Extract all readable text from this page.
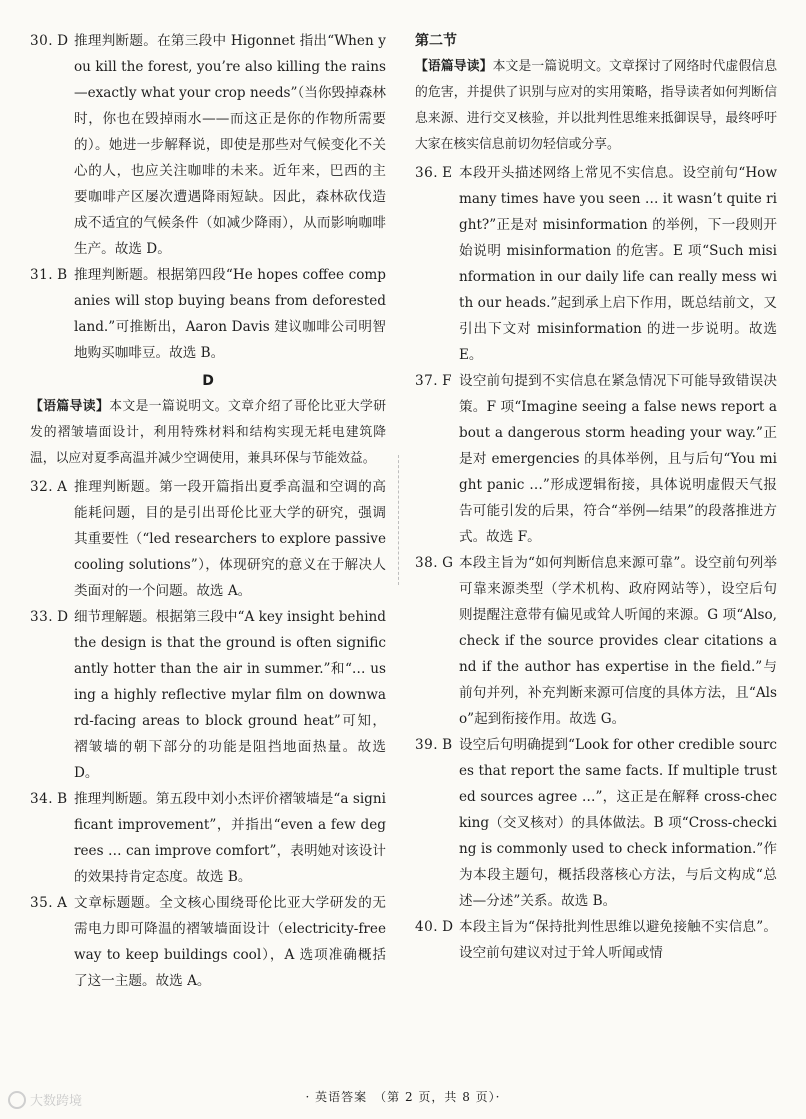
30. D 推理判断题。在第三段中 Higonnet 指出“When you kill the forest, you’re also killing the rains—exactly what your crop needs”（当你毁掉森林时，你也在毁掉雨水——而这正是你的作物所需要的）。她进一步解释说，即使是那些对气候变化不关心的人，也应关注咖啡的未来。近年来，巴西的主要咖啡产区屡次遭遇降雨短缺。因此，森林砍伐造成不适宜的气候条件（如减少降雨），从而影响咖啡生产。故选 D。
31. B 推理判断题。根据第四段“He hopes coffee companies will stop buying beans from deforested land.”可推断出，Aaron Davis 建议咖啡公司明智地购买咖啡豆。故选 B。
D
【语篇导读】本文是一篇说明文。文章介绍了哥伦比亚大学研发的褶皱墙面设计，利用特殊材料和结构实现无耗电建筑降温，以应对夏季高温并减少空调使用，兼具环保与节能效益。
32. A 推理判断题。第一段开篇指出夏季高温和空调的高能耗问题，目的是引出哥伦比亚大学的研究，强调其重要性（“led researchers to explore passive cooling solutions”），体现研究的意义在于解决人类面对的一个问题。故选 A。
33. D 细节理解题。根据第三段中“A key insight behind the design is that the ground is often significantly hotter than the air in summer.”和“… using a highly reflective mylar film on downward-facing areas to block ground heat”可知，褶皱墙的朝下部分的功能是阻挡地面热量。故选 D。
34. B 推理判断题。第五段中刘小杰评价褶皱墙是“a significant improvement”，并指出“even a few degrees … can improve comfort”，表明她对该设计的效果持肯定态度。故选 B。
35. A 文章标题题。全文核心围绕哥伦比亚大学研发的无需电力即可降温的褶皱墙面设计（electricity-free way to keep buildings cool），A 选项准确概括了这一主题。故选 A。
第二节
【语篇导读】本文是一篇说明文。文章探讨了网络时代虚假信息的危害，并提供了识别与应对的实用策略，指导读者如何判断信息来源、进行交叉核验，并以批判性思维来抵御误导，最终呼吁大家在核实信息前切勿轻信或分享。
36. E 本段开头描述网络上常见不实信息。设空前句“How many times have you seen … it wasn’t quite right?”正是对 misinformation 的举例，下一段则开始说明 misinformation 的危害。E 项“Such misinformation in our daily life can really mess with our heads.”起到承上启下作用，既总结前文，又引出下文对 misinformation 的进一步说明。故选 E。
37. F 设空前句提到不实信息在紧急情况下可能导致错误决策。F 项“Imagine seeing a false news report about a dangerous storm heading your way.”正是对 emergencies 的具体举例，且与后句“You might panic …”形成逻辑衔接，具体说明虚假天气报告可能引发的后果，符合“举例—结果”的段落推进方式。故选 F。
38. G 本段主旨为“如何判断信息来源可靠”。设空前句列举可靠来源类型（学术机构、政府网站等），设空后句则提醒注意带有偏见或耸人听闻的来源。G 项“Also, check if the source provides clear citations and if the author has expertise in the field.”与前句并列，补充判断来源可信度的具体方法，且“Also”起到衔接作用。故选 G。
39. B 设空后句明确提到“Look for other credible sources that report the same facts. If multiple trusted sources agree …”，这正是在解释 cross-checking（交叉核对）的具体做法。B 项“Cross-checking is commonly used to check information.”作为本段主题句，概括段落核心方法，与后文构成“总述—分述”关系。故选 B。
40. D 本段主旨为“保持批判性思维以避免接触不实信息”。设空前句建议对过于耸人听闻或情
· 英语答案　（第 2 页，共 8 页）·
大数跨境
